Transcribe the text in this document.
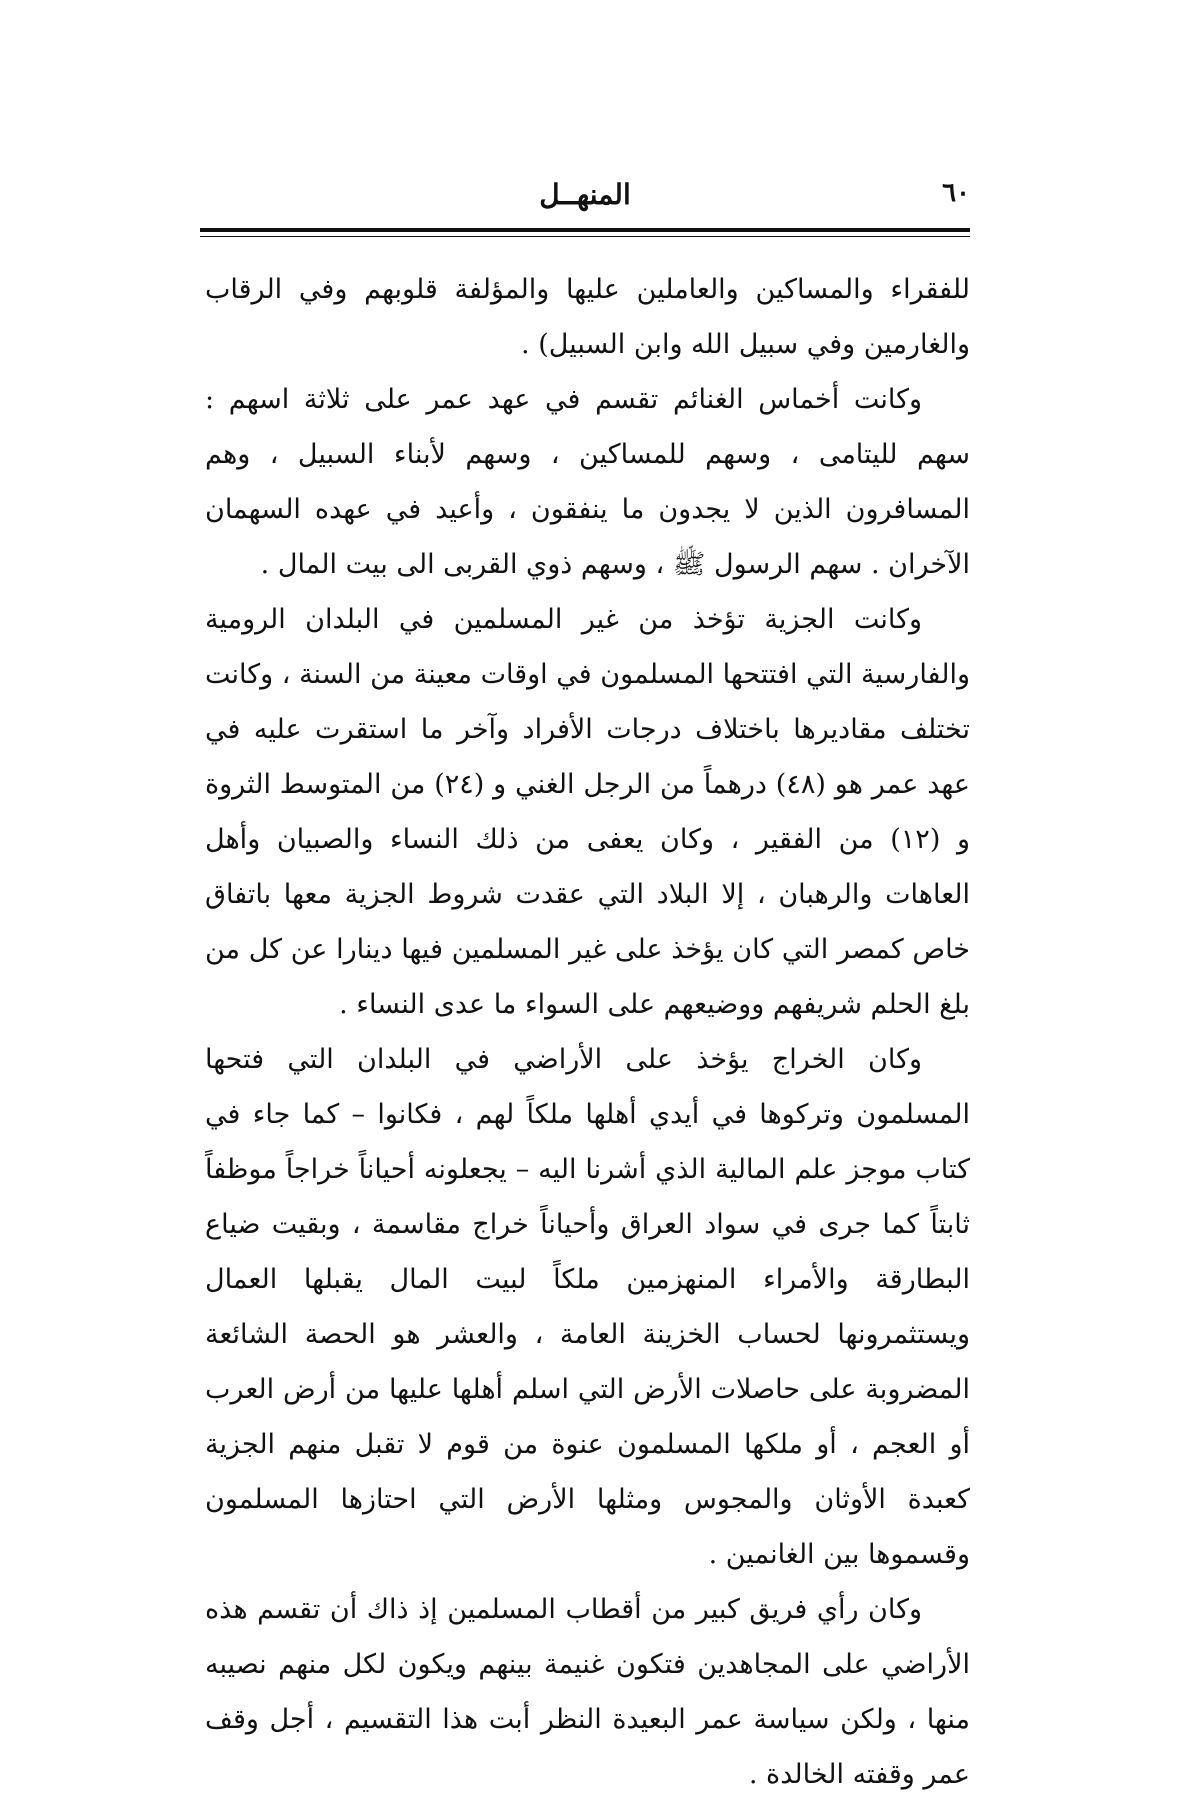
٦٠
المنهــل

للفقراء والمساكين والعاملين عليها والمؤلفة قلوبهم وفي الرقاب والغارمين وفي سبيل الله وابن السبيل) .

وكانت أخماس الغنائم تقسم في عهد عمر على ثلاثة اسهم : سهم لليتامى ، وسهم للمساكين ، وسهم لأبناء السبيل ، وهم المسافرون الذين لا يجدون ما ينفقون ، وأعيد في عهده السهمان الآخران . سهم الرسول ﷺ ، وسهم ذوي القربى الى بيت المال .

وكانت الجزية تؤخذ من غير المسلمين في البلدان الرومية والفارسية التي افتتحها المسلمون في اوقات معينة من السنة ، وكانت تختلف مقاديرها باختلاف درجات الأفراد وآخر ما استقرت عليه في عهد عمر هو (٤٨) درهماً من الرجل الغني و (٢٤) من المتوسط الثروة و (١٢) من الفقير ، وكان يعفى من ذلك النساء والصبيان وأهل العاهات والرهبان ، إلا البلاد التي عقدت شروط الجزية معها باتفاق خاص كمصر التي كان يؤخذ على غير المسلمين فيها دينارا عن كل من بلغ الحلم شريفهم ووضيعهم على السواء ما عدى النساء .

وكان الخراج يؤخذ على الأراضي في البلدان التي فتحها المسلمون وتركوها في أيدي أهلها ملكاً لهم ، فكانوا – كما جاء في كتاب موجز علم المالية الذي أشرنا اليه – يجعلونه أحياناً خراجاً موظفاً ثابتاً كما جرى في سواد العراق وأحياناً خراج مقاسمة ، وبقيت ضياع البطارقة والأمراء المنهزمين ملكاً لبيت المال يقبلها العمال ويستثمرونها لحساب الخزينة العامة ، والعشر هو الحصة الشائعة المضروبة على حاصلات الأرض التي اسلم أهلها عليها من أرض العرب أو العجم ، أو ملكها المسلمون عنوة من قوم لا تقبل منهم الجزية كعبدة الأوثان والمجوس ومثلها الأرض التي احتازها المسلمون وقسموها بين الغانمين .

وكان رأي فريق كبير من أقطاب المسلمين إذ ذاك أن تقسم هذه الأراضي على المجاهدين فتكون غنيمة بينهم ويكون لكل منهم نصيبه منها ، ولكن سياسة عمر البعيدة النظر أبت هذا التقسيم ، أجل وقف عمر وقفته الخالدة .
